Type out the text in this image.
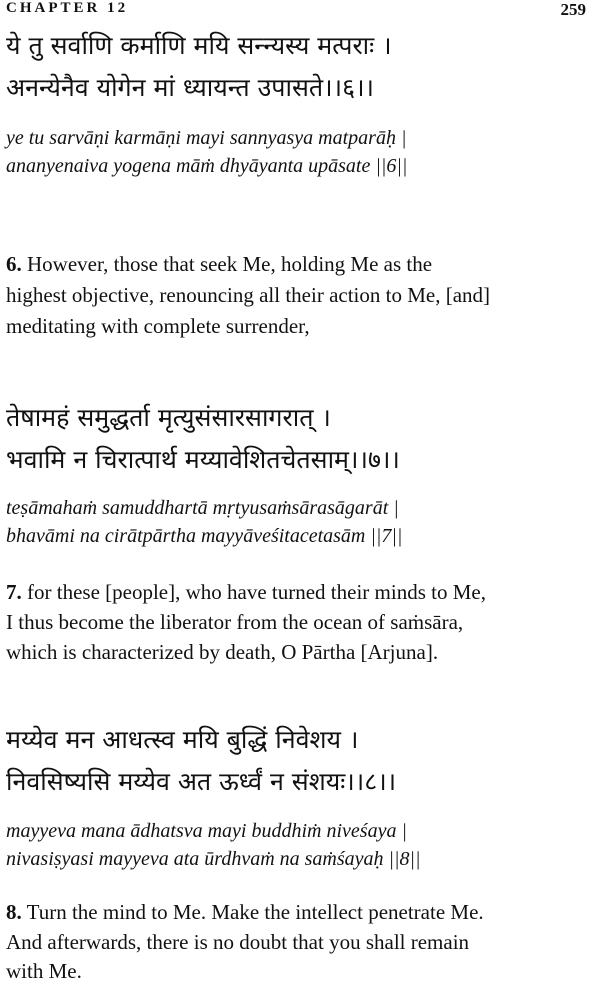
CHAPTER 12	259
ये तु सर्वाणि कर्माणि मयि सन्न्यस्य मत्पराः ।
अनन्येनैव योगेन मां ध्यायन्त उपासते।।६।।
ye tu sarvāṇi karmāṇi mayi sannyasya matparāḥ |
ananyenaiva yogena māṁ dhyāyanta upāsate ||6||
6. However, those that seek Me, holding Me as the
highest objective, renouncing all their action to Me, [and]
meditating with complete surrender,
तेषामहं समुद्धर्ता मृत्युसंसारसागरात् ।
भवामि न चिरात्पार्थ मय्यावेशितचेतसाम्।।७।।
teṣāmahaṁ samuddhartā mṛtyusaṁsārasāgarāt |
bhavāmi na cirātpārtha mayyāveśitacetasām ||7||
7. for these [people], who have turned their minds to Me,
I thus become the liberator from the ocean of saṁsāra,
which is characterized by death, O Pārtha [Arjuna].
मय्येव मन आधत्स्व मयि बुद्धिं निवेशय ।
निवसिष्यसि मय्येव अत ऊर्ध्वं न संशयः।।८।।
mayyeva mana ādhatsva mayi buddhiṁ niveśaya |
nivasiṣyasi mayyeva ata ūrdhvaṁ na saṁśayaḥ ||8||
8. Turn the mind to Me. Make the intellect penetrate Me.
And afterwards, there is no doubt that you shall remain
with Me.
